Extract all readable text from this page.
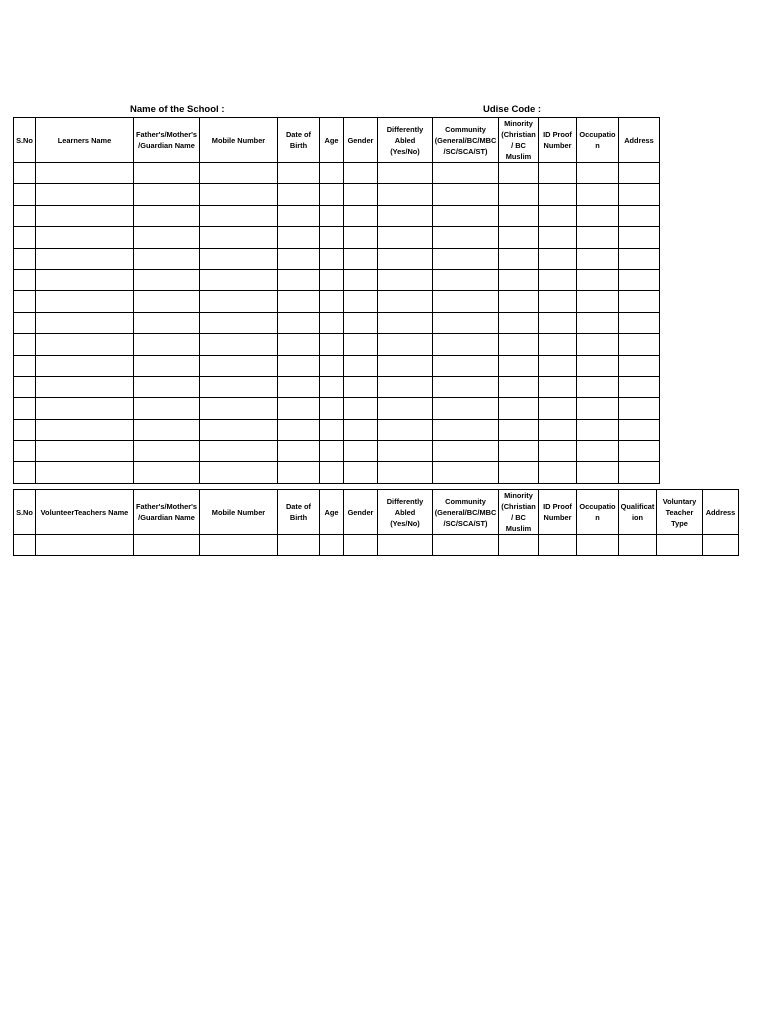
Name of the School :	Udise Code :
S.No	Learners Name	Father's/Mother's/Guardian Name	Mobile Number	Date of Birth	Age	Gender	Differently Abled (Yes/No)	Community (General/BC/MBC/SC/SCA/ST)	Minority (Christian / BC Muslim	ID Proof Number	Occupation	Address

S.No	VolunteerTeachers Name	Father's/Mother's/Guardian Name	Mobile Number	Date of Birth	Age	Gender	Differently Abled (Yes/No)	Community (General/BC/MBC/SC/SCA/ST)	Minority (Christian / BC Muslim	ID Proof Number	Occupation	Qualification	Voluntary Teacher Type	Address
